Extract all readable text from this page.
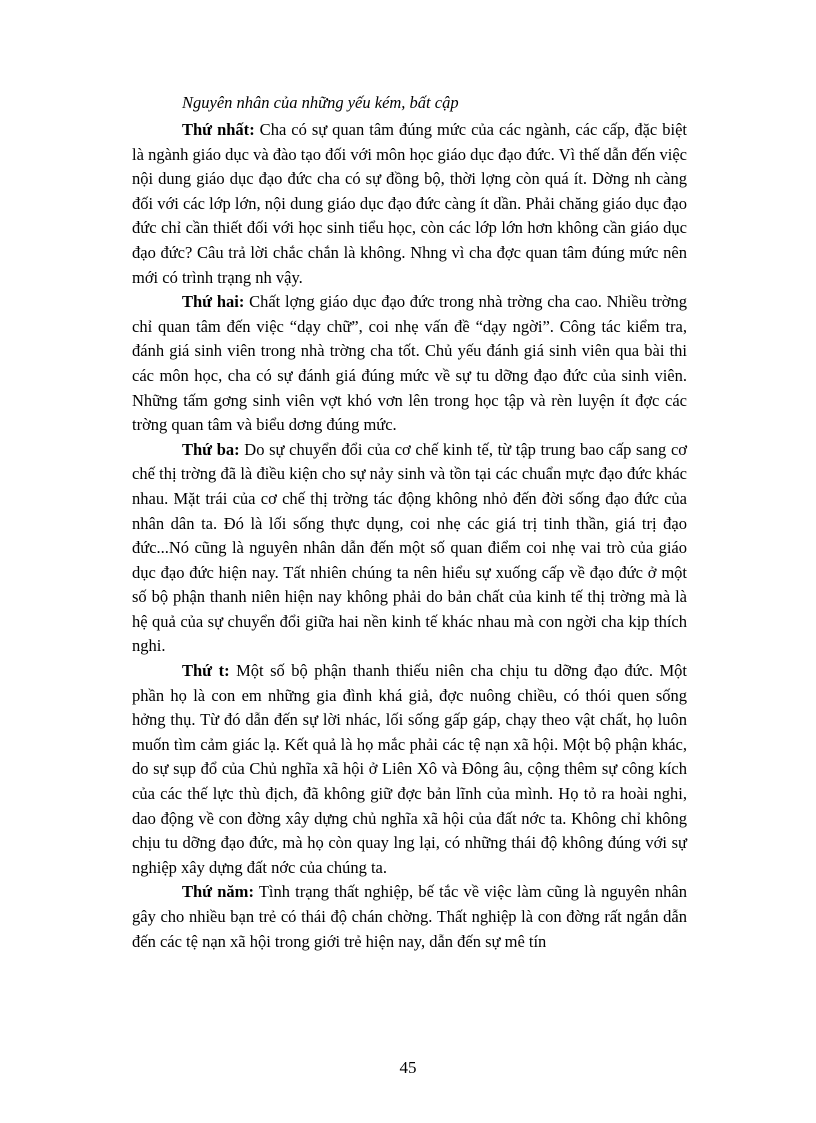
Nguyên nhân của những yếu kém, bất cập

Thứ nhất: Cha có sự quan tâm đúng mức của các ngành, các cấp, đặc biệt là ngành giáo dục và đào tạo đối với môn học giáo dục đạo đức. Vì thế dẫn đến việc nội dung giáo dục đạo đức cha có sự đồng bộ, thời lợng còn quá ít. Dờng nh càng đối với các lớp lớn, nội dung giáo dục đạo đức càng ít dần. Phải chăng giáo dục đạo đức chỉ cần thiết đối với học sinh tiểu học, còn các lớp lớn hơn không cần giáo dục đạo đức? Câu trả lời chắc chắn là không. Nhng vì cha đợc quan tâm đúng mức nên mới có trình trạng nh vậy.

Thứ hai: Chất lợng giáo dục đạo đức trong nhà trờng cha cao. Nhiều trờng chỉ quan tâm đến việc “dạy chữ”, coi nhẹ vấn đề “dạy ngời”. Công tác kiểm tra, đánh giá sinh viên trong nhà trờng cha tốt. Chủ yếu đánh giá sinh viên qua bài thi các môn học, cha có sự đánh giá đúng mức về sự tu dỡng đạo đức của sinh viên. Những tấm gơng sinh viên vợt khó vơn lên trong học tập và rèn luyện ít đợc các trờng quan tâm và biểu dơng đúng mức.

Thứ ba: Do sự chuyển đổi của cơ chế kinh tế, từ tập trung bao cấp sang cơ chế thị trờng đã là điều kiện cho sự nảy sinh và tồn tại các chuẩn mực đạo đức khác nhau. Mặt trái của cơ chế thị trờng tác động không nhỏ đến đời sống đạo đức của nhân dân ta. Đó là lối sống thực dụng, coi nhẹ các giá trị tinh thần, giá trị đạo đức...Nó cũng là nguyên nhân dẫn đến một số quan điểm coi nhẹ vai trò của giáo dục đạo đức hiện nay. Tất nhiên chúng ta nên hiểu sự xuống cấp về đạo đức ở một số bộ phận thanh niên hiện nay không phải do bản chất của kinh tế thị trờng mà là hệ quả của sự chuyển đổi giữa hai nền kinh tế khác nhau mà con ngời cha kịp thích nghi.

Thứ t: Một số bộ phận thanh thiếu niên cha chịu tu dỡng đạo đức. Một phần họ là con em những gia đình khá giả, đợc nuông chiều, có thói quen sống hởng thụ. Từ đó dẫn đến sự lời nhác, lối sống gấp gáp, chạy theo vật chất, họ luôn muốn tìm cảm giác lạ. Kết quả là họ mắc phải các tệ nạn xã hội. Một bộ phận khác, do sự sụp đổ của Chủ nghĩa xã hội ở Liên Xô và Đông âu, cộng thêm sự công kích của các thế lực thù địch, đã không giữ đợc bản lĩnh của mình. Họ tỏ ra hoài nghi, dao động về con đờng xây dựng chủ nghĩa xã hội của đất nớc ta. Không chỉ không chịu tu dỡng đạo đức, mà họ còn quay lng lại, có những thái độ không đúng với sự nghiệp xây dựng đất nớc của chúng ta.

Thứ năm: Tình trạng thất nghiệp, bế tắc về việc làm cũng là nguyên nhân gây cho nhiều bạn trẻ có thái độ chán chờng. Thất nghiệp là con đờng rất ngắn dẫn đến các tệ nạn xã hội trong giới trẻ hiện nay, dẫn đến sự mê tín

45
